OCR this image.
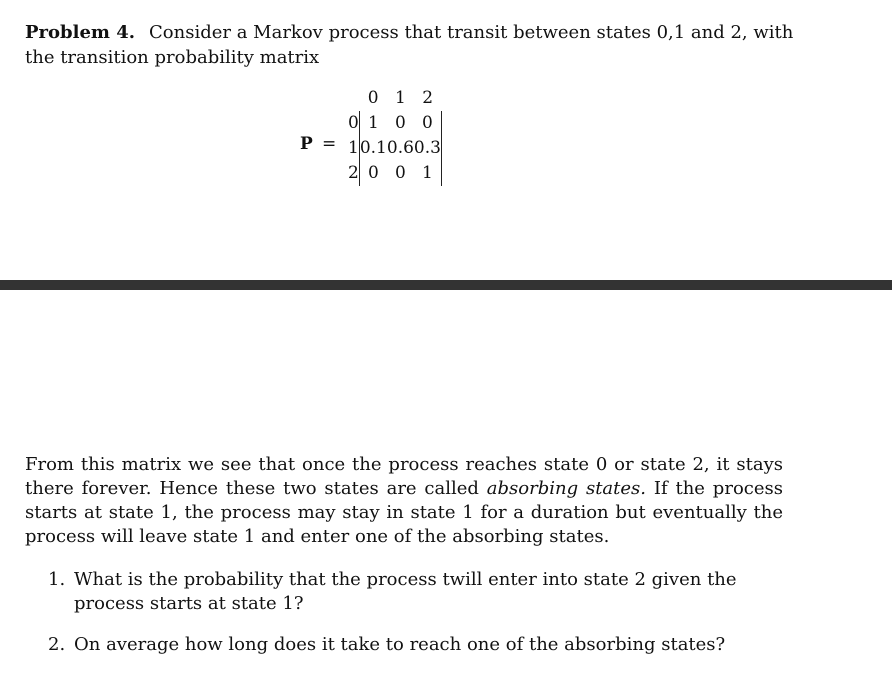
Problem 4. Consider a Markov process that transit between states 0,1 and 2, with the transition probability matrix
P =
	0	1	2
0	1	0	0
1	0.1	0.6	0.3
2	0	0	1
From this matrix we see that once the process reaches state 0 or state 2, it stays there forever. Hence these two states are called absorbing states. If the process starts at state 1, the process may stay in state 1 for a duration but eventually the process will leave state 1 and enter one of the absorbing states.
1. What is the probability that the process twill enter into state 2 given the process starts at state 1?
2. On average how long does it take to reach one of the absorbing states?
